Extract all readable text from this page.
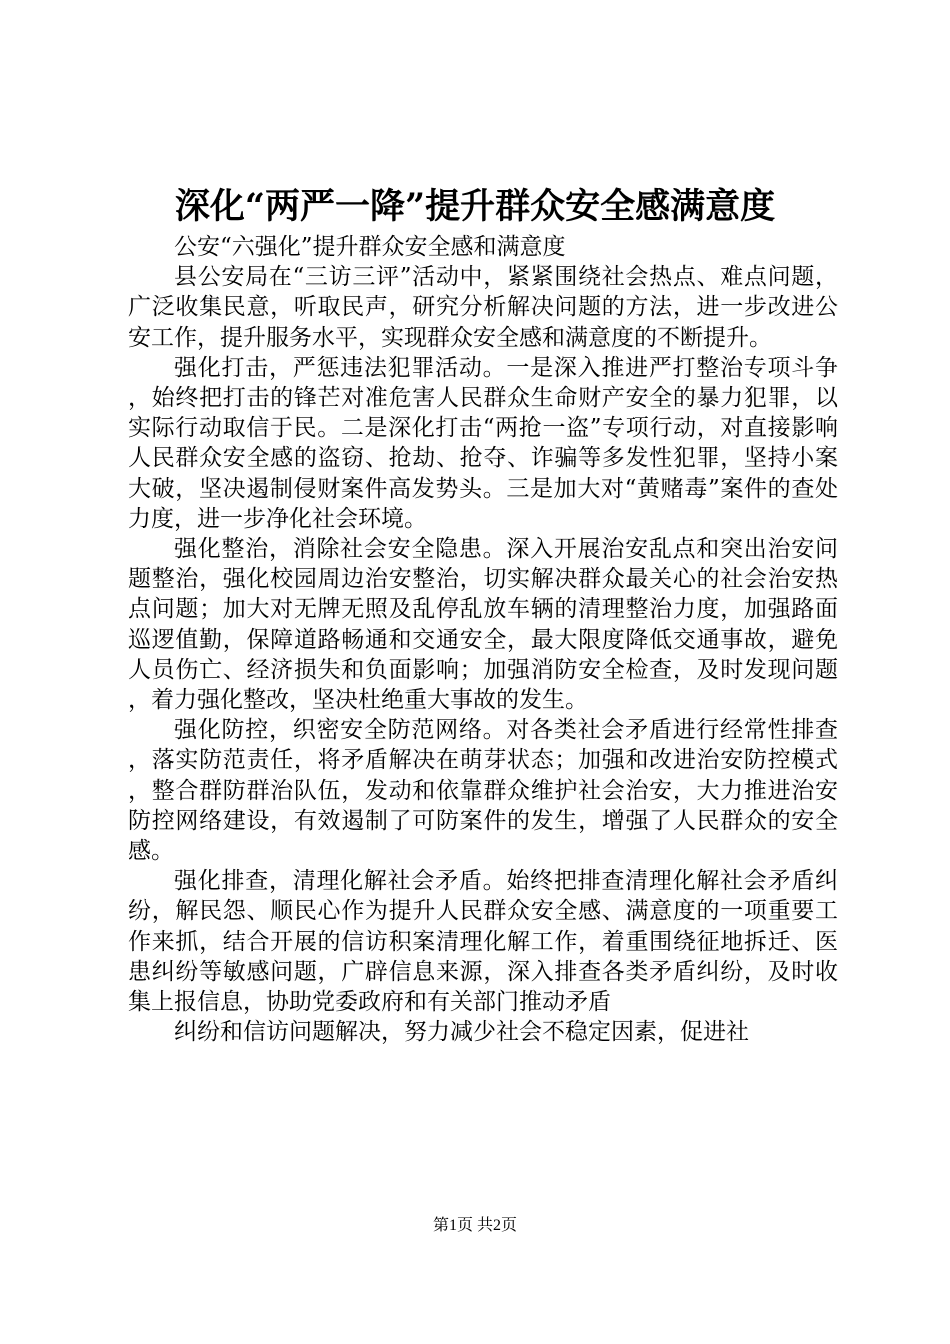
深化“两严一降”提升群众安全感满意度

公安“六强化”提升群众安全感和满意度

县公安局在“三访三评”活动中，紧紧围绕社会热点、难点问题，广泛收集民意，听取民声，研究分析解决问题的方法，进一步改进公安工作，提升服务水平，实现群众安全感和满意度的不断提升。

强化打击，严惩违法犯罪活动。一是深入推进严打整治专项斗争，始终把打击的锋芒对准危害人民群众生命财产安全的暴力犯罪，以实际行动取信于民。二是深化打击“两抢一盗”专项行动，对直接影响人民群众安全感的盗窃、抢劫、抢夺、诈骗等多发性犯罪，坚持小案大破，坚决遏制侵财案件高发势头。三是加大对“黄赌毒”案件的查处力度，进一步净化社会环境。

强化整治，消除社会安全隐患。深入开展治安乱点和突出治安问题整治，强化校园周边治安整治，切实解决群众最关心的社会治安热点问题；加大对无牌无照及乱停乱放车辆的清理整治力度，加强路面巡逻值勤，保障道路畅通和交通安全，最大限度降低交通事故，避免人员伤亡、经济损失和负面影响；加强消防安全检查，及时发现问题，着力强化整改，坚决杜绝重大事故的发生。

强化防控，织密安全防范网络。对各类社会矛盾进行经常性排查，落实防范责任，将矛盾解决在萌芽状态；加强和改进治安防控模式，整合群防群治队伍，发动和依靠群众维护社会治安，大力推进治安防控网络建设，有效遏制了可防案件的发生，增强了人民群众的安全感。

强化排查，清理化解社会矛盾。始终把排查清理化解社会矛盾纠纷，解民怨、顺民心作为提升人民群众安全感、满意度的一项重要工作来抓，结合开展的信访积案清理化解工作，着重围绕征地拆迁、医患纠纷等敏感问题，广辟信息来源，深入排查各类矛盾纠纷，及时收集上报信息，协助党委政府和有关部门推动矛盾

纠纷和信访问题解决，努力减少社会不稳定因素，促进社

第1页 共2页
